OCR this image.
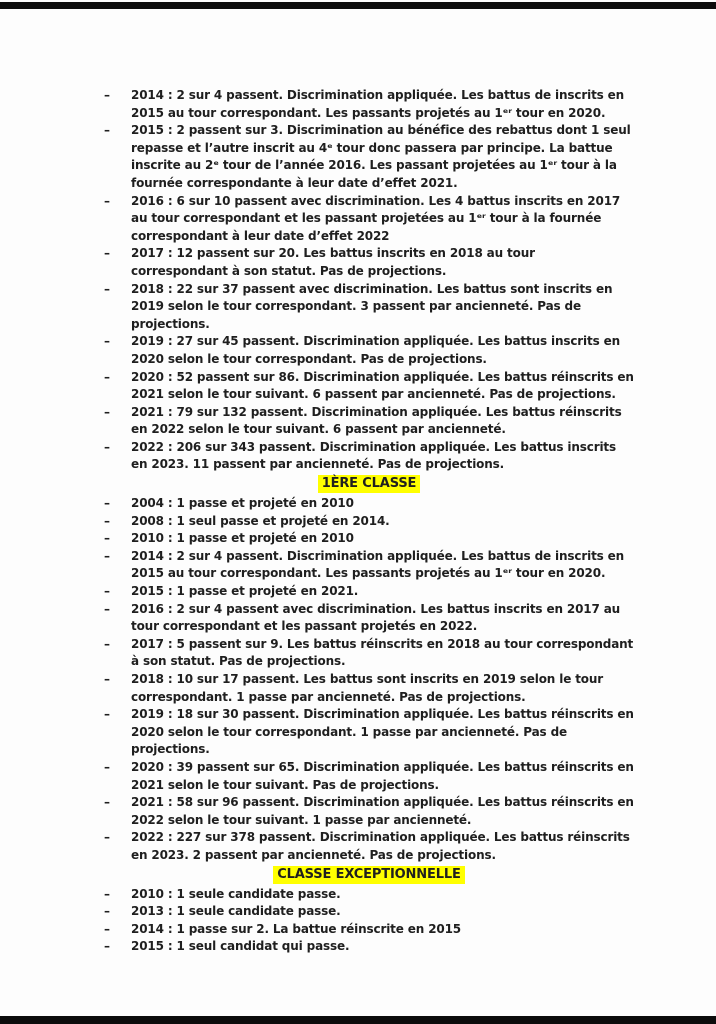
–	2014 : 2 sur 4 passent. Discrimination appliquée. Les battus de inscrits en 2015 au tour correspondant. Les passants projetés au 1ᵉʳ tour en 2020.
–	2015 : 2 passent sur 3. Discrimination au bénéfice des rebattus dont 1 seul repasse et l’autre inscrit au 4ᵉ tour donc passera par principe. La battue inscrite au 2ᵉ tour de l’année 2016. Les passant projetées au 1ᵉʳ tour à la fournée correspondante à leur date d’effet 2021.
–	2016 : 6 sur 10 passent avec discrimination. Les 4 battus inscrits en 2017 au tour correspondant et les passant projetées au 1ᵉʳ tour à la fournée correspondant à leur date d’effet 2022
–	2017 : 12 passent sur 20. Les battus inscrits en 2018 au tour correspondant à son statut. Pas de projections.
–	2018 : 22 sur 37 passent avec discrimination. Les battus sont inscrits en 2019 selon le tour correspondant. 3 passent par ancienneté. Pas de projections.
–	2019 : 27 sur 45 passent. Discrimination appliquée. Les battus inscrits en 2020 selon le tour correspondant. Pas de projections.
–	2020 : 52 passent sur 86. Discrimination appliquée. Les battus réinscrits en 2021 selon le tour suivant. 6 passent par ancienneté. Pas de projections.
–	2021 : 79 sur 132 passent. Discrimination appliquée. Les battus réinscrits en 2022 selon le tour suivant. 6 passent par ancienneté.
–	2022 : 206 sur 343 passent. Discrimination appliquée. Les battus inscrits en 2023. 11 passent par ancienneté. Pas de projections.
1ÈRE CLASSE
–	2004 : 1 passe et projeté en 2010
–	2008 : 1 seul passe et projeté en 2014.
–	2010 : 1 passe et projeté en 2010
–	2014 : 2 sur 4 passent. Discrimination appliquée. Les battus de inscrits en 2015 au tour correspondant. Les passants projetés au 1ᵉʳ tour en 2020.
–	2015 : 1 passe et projeté en 2021.
–	2016 : 2 sur 4 passent avec discrimination. Les battus inscrits en 2017 au tour correspondant et les passant projetés en 2022.
–	2017 : 5 passent sur 9. Les battus réinscrits en 2018 au tour correspondant à son statut. Pas de projections.
–	2018 : 10 sur 17 passent. Les battus sont inscrits en 2019 selon le tour correspondant. 1 passe par ancienneté. Pas de projections.
–	2019 : 18 sur 30 passent. Discrimination appliquée. Les battus réinscrits en 2020 selon le tour correspondant. 1 passe par ancienneté. Pas de projections.
–	2020 : 39 passent sur 65. Discrimination appliquée. Les battus réinscrits en 2021 selon le tour suivant. Pas de projections.
–	2021 : 58 sur 96 passent. Discrimination appliquée. Les battus réinscrits en 2022 selon le tour suivant. 1 passe par ancienneté.
–	2022 : 227 sur 378 passent. Discrimination appliquée. Les battus réinscrits en 2023. 2 passent par ancienneté. Pas de projections.
CLASSE EXCEPTIONNELLE
–	2010 : 1 seule candidate passe.
–	2013 : 1 seule candidate passe.
–	2014 : 1 passe sur 2. La battue réinscrite en 2015
–	2015 : 1 seul candidat qui passe.
